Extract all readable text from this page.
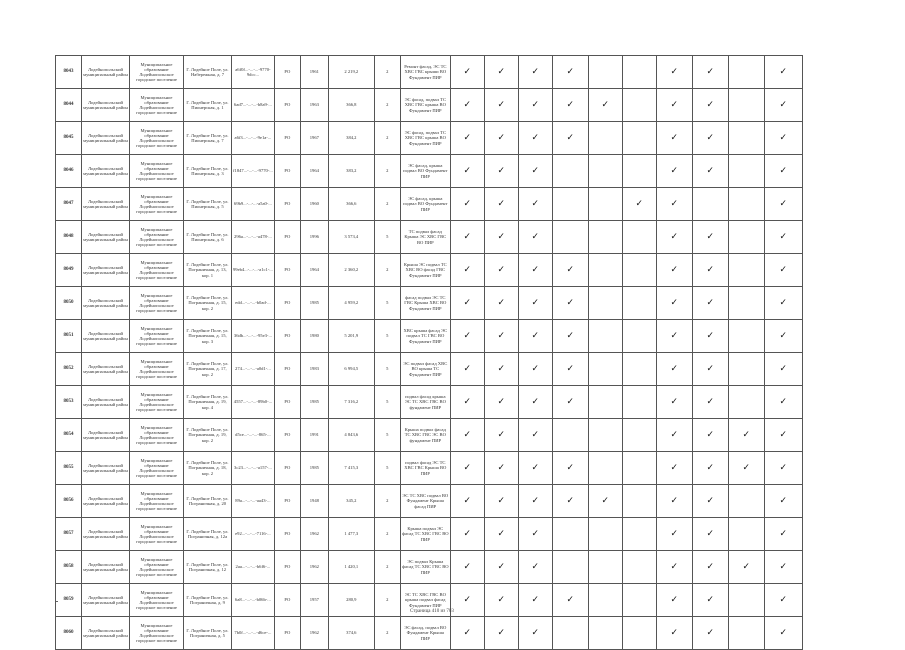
8043	Лодейнопольский муниципальный район	Муниципальное образование Лодейнопольское городское поселение	Г. Лодейное Поле, ул. Набережная, д. 7	a6f0f...-...-...-9770-9dcc...	РО	1961	2 219,2	2	Ремонт фасад, ЭС ТС ХВС ГВС крыши ВО Фундамент ПИР	✓	✓	✓	✓			✓	✓		✓
8044	Лодейнопольский муниципальный район	Муниципальное образование Лодейнопольское городское поселение	Г. Лодейное Поле, ул. Пионерская, д. 1	6ad7...-...-...-b8a9-...	РО	1963	366,8	2	ЭС фасад, подвал ТС ХВС ГВС крыша ВО Фундамент ПИР	✓	✓	✓	✓	✓		✓	✓		✓
8045	Лодейнопольский муниципальный район	Муниципальное образование Лодейнопольское городское поселение	Г. Лодейное Поле, ул. Пионерская, д. 7	a6f3...-...-...-9e1a-...	РО	1967	384,2	2	ЭС фасад, подвал ТС ХВС ГВС крыша ВО Фундамент ПИР	✓	✓	✓	✓			✓	✓		✓
8046	Лодейнопольский муниципальный район	Муниципальное образование Лодейнопольское городское поселение	Г. Лодейное Поле, ул. Пионерская, д. 3	f1847...-...-...-9770-...	РО	1964	383,2	2	ЭС фасад, крыша подвал ВО Фундамент ПИР	✓	✓	✓				✓	✓		✓
8047	Лодейнопольский муниципальный район	Муниципальное образование Лодейнопольское городское поселение	Г. Лодейное Поле, ул. Пионерская, д. 5	69b9...-...-...-a5a0-...	РО	1960	366,6	2	ЭС фасад, крыша подвал ВО Фундамент ПИР	✓	✓	✓			✓	✓			✓
8048	Лодейнопольский муниципальный район	Муниципальное образование Лодейнопольское городское поселение	Г. Лодейное Поле, ул. Пионерская, д. 6	296a...-...-...-a478-...	РО	1996	3 573,4	5	ТС подвал фасад Крыша ЭС ХВС ГВС ВО ПИР	✓	✓	✓				✓	✓		✓
8049	Лодейнопольский муниципальный район	Муниципальное образование Лодейнопольское городское поселение	Г. Лодейное Поле, ул. Пограничная, д. 13, кор. 1	99eb4...-...-...-a1c1-...	РО	1964	2 360,2	2	Крыша ЭС подвал ТС ХВС ВО фасад ГВС Фундамент ПИР	✓	✓	✓	✓			✓	✓		✓
8050	Лодейнопольский муниципальный район	Муниципальное образование Лодейнопольское городское поселение	Г. Лодейное Поле, ул. Пограничная, д. 15, кор. 2	edd...-...-...-b0ad-...	РО	1985	4 959,2	5	фасад подвал ЭС ТС ГВС Крыша ХВС ВО Фундамент ПИР	✓	✓	✓	✓			✓	✓		✓
8051	Лодейнопольский муниципальный район	Муниципальное образование Лодейнопольское городское поселение	Г. Лодейное Поле, ул. Пограничная, д. 15, кор. 3	36db...-...-...-95e3-...	РО	1980	5 201,9	5	ХВС крыша фасад ЭС подвал ТС ГВС ВО Фундамент ПИР	✓	✓	✓	✓			✓	✓		✓
8052	Лодейнопольский муниципальный район	Муниципальное образование Лодейнопольское городское поселение	Г. Лодейное Поле, ул. Пограничная, д. 17, кор. 2	274...-...-...-a0d1-...	РО	1983	6 994,5	5	ЭС подвал фасад ХВС ВО крыша ТС Фундамент ПИР	✓	✓	✓	✓			✓	✓		✓
8053	Лодейнопольский муниципальный район	Муниципальное образование Лодейнопольское городское поселение	Г. Лодейное Поле, ул. Пограничная, д. 19, кор. 4	4557...-...-...-89b0-...	РО	1985	7 316,2	5	подвал фасад крыша ЭС ТС ХВС ГВС ВО фундамент ПИР	✓	✓	✓	✓			✓	✓		✓
8054	Лодейнопольский муниципальный район	Муниципальное образование Лодейнопольское городское поселение	Г. Лодейное Поле, ул. Пограничная, д. 19, кор. 2	d5ce...-...-...-865-...	РО	1991	4 843,6	5	Крыша подвал фасад ТС ХВС ГВС ЭС ВО фундамент ПИР	✓	✓	✓				✓	✓	✓	✓
8055	Лодейнопольский муниципальный район	Муниципальное образование Лодейнопольское городское поселение	Г. Лодейное Поле, ул. Пограничная, д. 18, кор. 2	3c23...-...-...-a157-...	РО	1985	7 415,3	5	подвал фасад ЭС ТС ХВС ГВС Крыша ВО ПИР	✓	✓	✓	✓			✓	✓	✓	✓
8056	Лодейнопольский муниципальный район	Муниципальное образование Лодейнопольское городское поселение	Г. Лодейное Поле, ул. Пограничная, д. 20	89a...-...-...-aa43-...	РО	1948	345,2	2	ЭС ТС ХВС подвал ВО Фундамент Крыша фасад ПИР	✓	✓	✓	✓	✓		✓	✓		✓
8057	Лодейнопольский муниципальный район	Муниципальное образование Лодейнопольское городское поселение	Г. Лодейное Поле, ул. Пограничная, д. 12а	e92...-...-...-7116-...	РО	1962	1 477,3	2	Крыша подвал ЭС фасад ТС ХВС ГВС ВО ПИР	✓	✓	✓				✓	✓		✓
8058	Лодейнопольский муниципальный район	Муниципальное образование Лодейнопольское городское поселение	Г. Лодейное Поле, ул. Пограничная, д. 12	2aa...-...-...-b6f6-...	РО	1962	1 420,1	2	ЭС подвал Крыша фасад ТС ХВС ГВС ВО ПИР	✓	✓	✓				✓	✓	✓	✓
8059	Лодейнопольский муниципальный район	Муниципальное образование Лодейнопольское городское поселение	Г. Лодейное Поле, ул. Пограничная, д. 9	6a8...-...-...-b06b-...	РО	1957	280,9	2	ЭС ТС ХВС ГВС ВО крыша подвал фасад Фундамент ПИР	✓	✓	✓	✓			✓	✓		✓
8060	Лодейнопольский муниципальный район	Муниципальное образование Лодейнопольское городское поселение	Г. Лодейное Поле, ул. Пограничная, д. 5	7b0f...-...-...-d6ce-...	РО	1962	374,6	2	ЭС фасад, подвал ВО Фундамент Крыша ПИР	✓	✓	✓				✓	✓		✓
Страница 410 из 703
